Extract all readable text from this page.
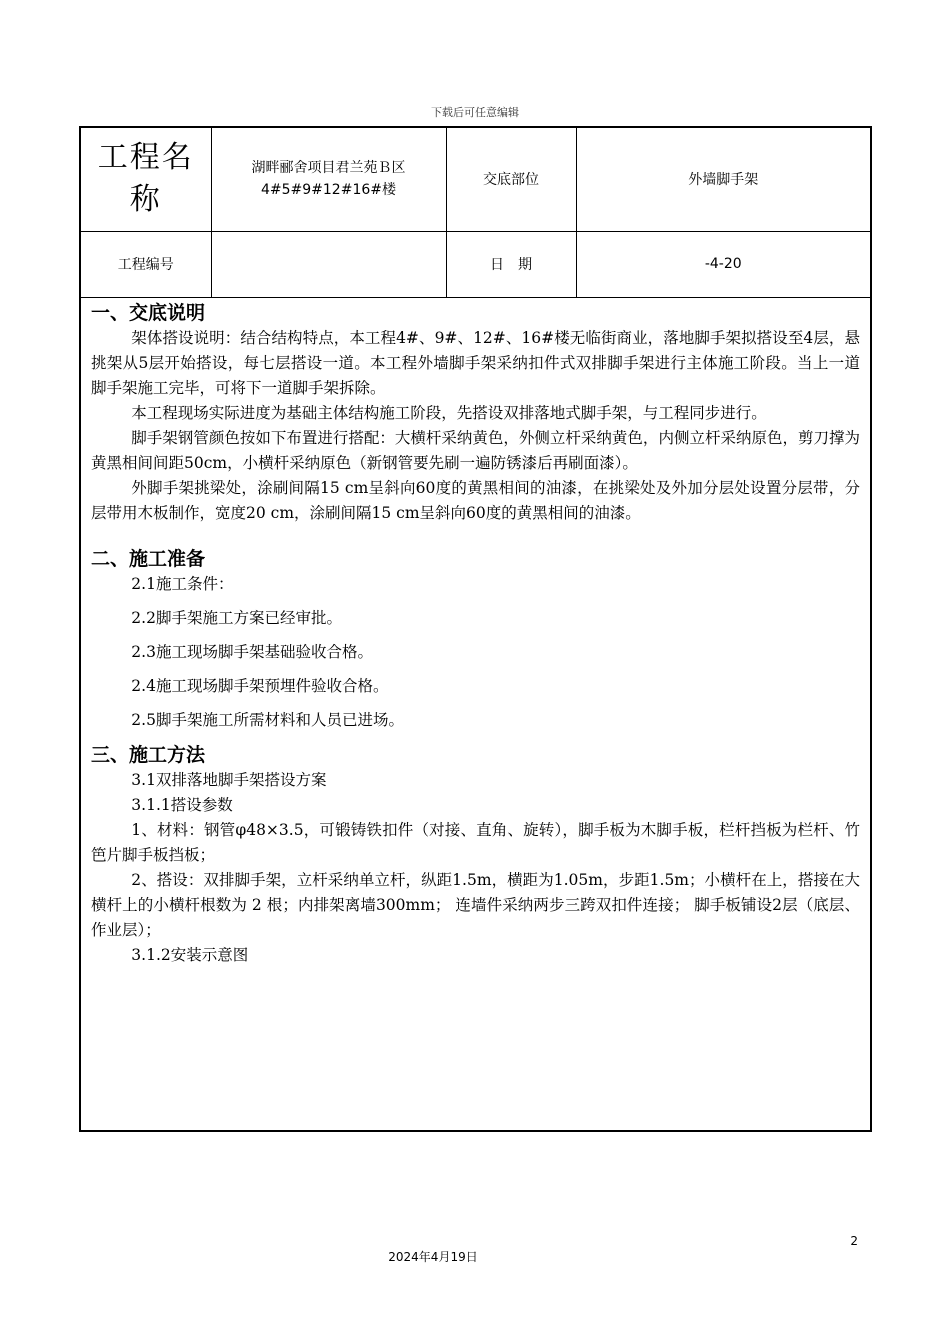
下载后可任意编辑
工程名称	湖畔郦舍项目君兰苑Ｂ区4#5#9#12#16#楼	交底部位	外墙脚手架
工程编号		日　期	-4-20
一、交底说明

架体搭设说明：结合结构特点，本工程4#、9#、12#、16#楼无临街商业，落地脚手架拟搭设至4层，悬挑架从5层开始搭设，每七层搭设一道。本工程外墙脚手架采纳扣件式双排脚手架进行主体施工阶段。当上一道脚手架施工完毕，可将下一道脚手架拆除。

本工程现场实际进度为基础主体结构施工阶段，先搭设双排落地式脚手架，与工程同步进行。

脚手架钢管颜色按如下布置进行搭配：大横杆采纳黄色，外侧立杆采纳黄色，内侧立杆采纳原色，剪刀撑为黄黑相间间距50cm，小横杆采纳原色（新钢管要先刷一遍防锈漆后再刷面漆）。

外脚手架挑梁处，涂刷间隔15 cm呈斜向60度的黄黑相间的油漆，在挑梁处及外加分层处设置分层带，分层带用木板制作，宽度20 cm，涂刷间隔15 cm呈斜向60度的黄黑相间的油漆。

二、施工准备

2.1施工条件：

2.2脚手架施工方案已经审批。

2.3施工现场脚手架基础验收合格。

2.4施工现场脚手架预埋件验收合格。

2.5脚手架施工所需材料和人员已进场。

三、施工方法

3.1双排落地脚手架搭设方案

3.1.1搭设参数

1、材料：钢管φ48×3.5，可锻铸铁扣件（对接、直角、旋转），脚手板为木脚手板，栏杆挡板为栏杆、竹笆片脚手板挡板；

2、搭设：双排脚手架，立杆采纳单立杆，纵距1.5m，横距为1.05m，步距1.5m；小横杆在上，搭接在大横杆上的小横杆根数为 2 根；内排架离墙300mm； 连墙件采纳两步三跨双扣件连接； 脚手板铺设2层（底层、作业层）；

3.1.2安装示意图

2
2024年4月19日
